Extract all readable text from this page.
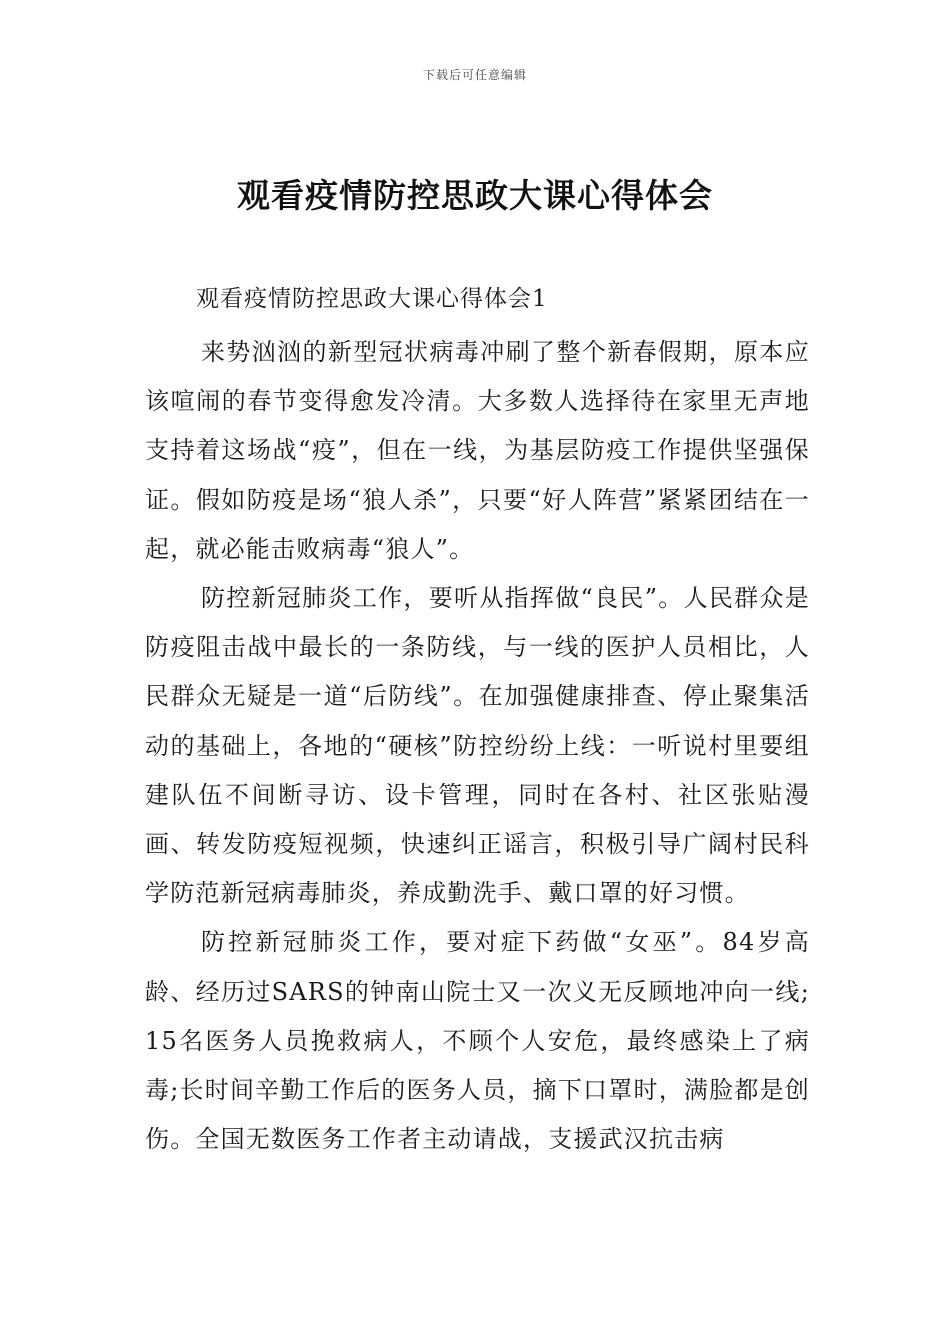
下载后可任意编辑
观看疫情防控思政大课心得体会

观看疫情防控思政大课心得体会1

来势汹汹的新型冠状病毒冲刷了整个新春假期，原本应该喧闹的春节变得愈发冷清。大多数人选择待在家里无声地支持着这场战“疫”，但在一线，为基层防疫工作提供坚强保证。假如防疫是场“狼人杀”，只要“好人阵营”紧紧团结在一起，就必能击败病毒“狼人”。

防控新冠肺炎工作，要听从指挥做“良民”。人民群众是防疫阻击战中最长的一条防线，与一线的医护人员相比，人民群众无疑是一道“后防线”。在加强健康排查、停止聚集活动的基础上，各地的“硬核”防控纷纷上线：一听说村里要组建队伍不间断寻访、设卡管理，同时在各村、社区张贴漫画、转发防疫短视频，快速纠正谣言，积极引导广阔村民科学防范新冠病毒肺炎，养成勤洗手、戴口罩的好习惯。

防控新冠肺炎工作，要对症下药做“女巫”。84岁高龄、经历过SARS的钟南山院士又一次义无反顾地冲向一线;15名医务人员挽救病人，不顾个人安危，最终感染上了病毒;长时间辛勤工作后的医务人员，摘下口罩时，满脸都是创伤。全国无数医务工作者主动请战，支援武汉抗击病
